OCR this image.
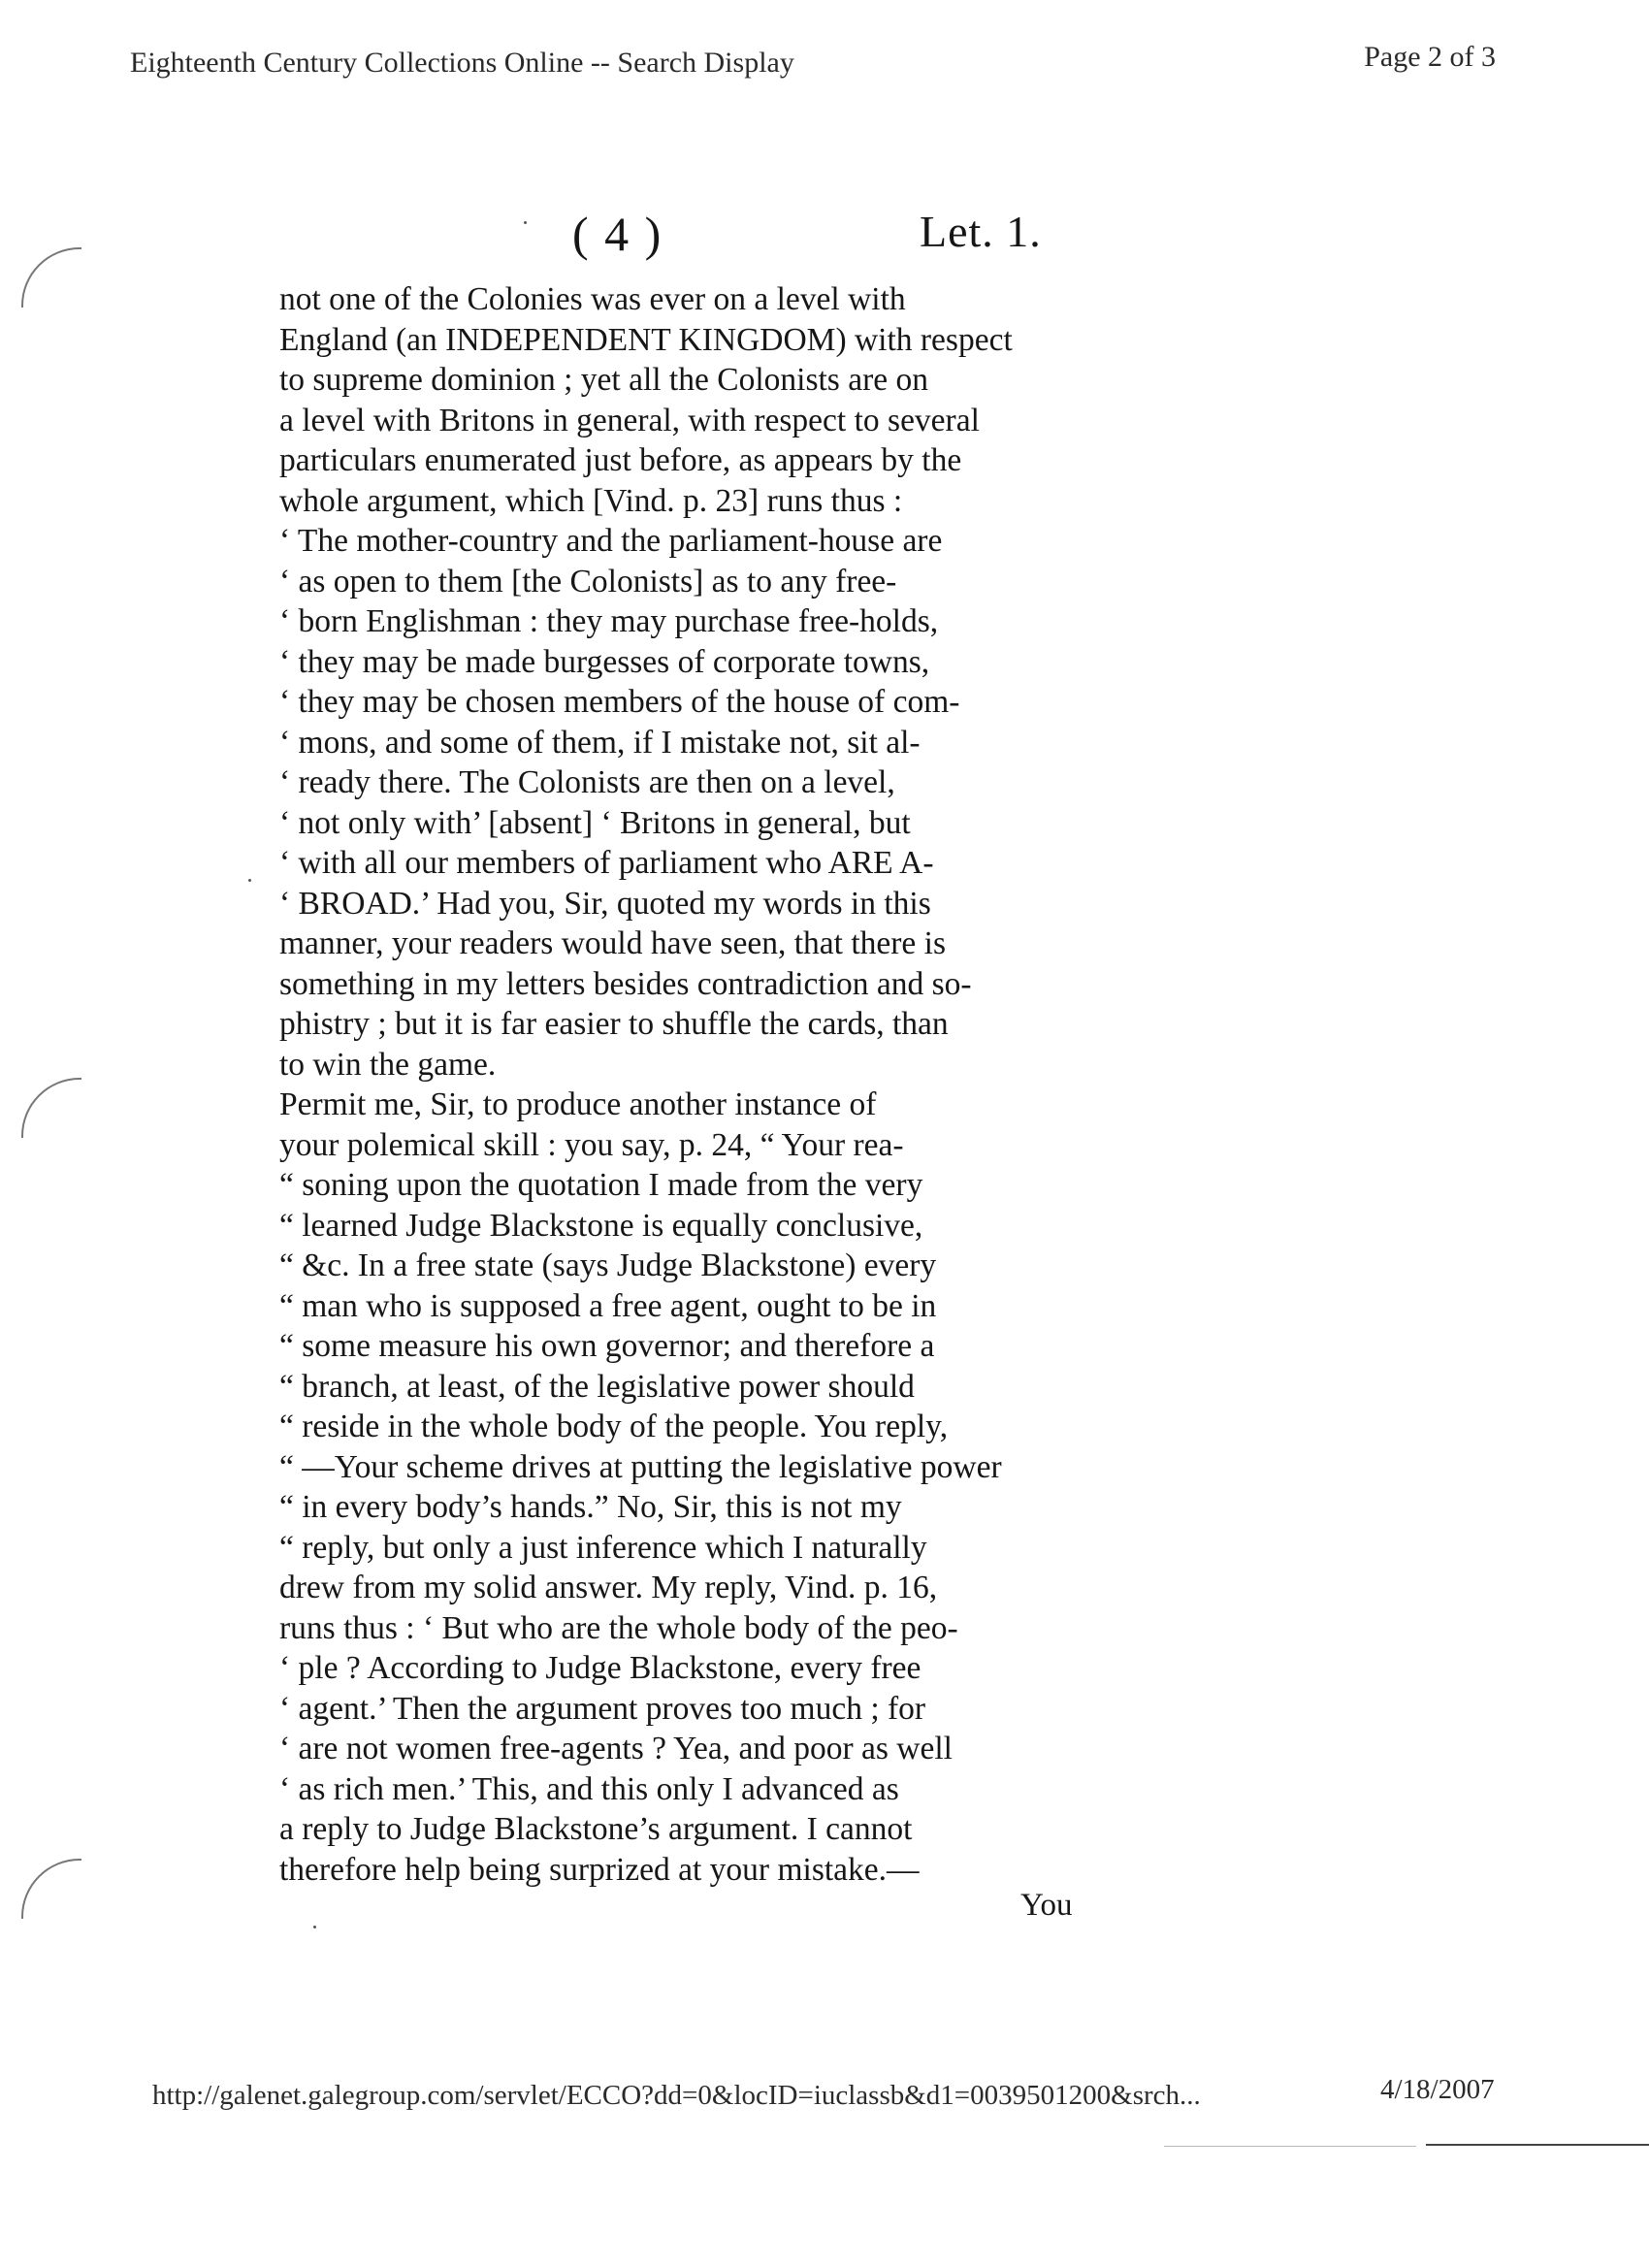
Eighteenth Century Collections Online -- Search Display	Page 2 of 3
( 4 )	Let. 1.
not one of the Colonies was ever on a level with
England (an INDEPENDENT KINGDOM) with respect
to supreme dominion ; yet all the Colonists are on
a level with Britons in general, with respect to several
particulars enumerated just before, as appears by the
whole argument, which [Vind. p. 23] runs thus :
‘ The mother-country and the parliament-house are
‘ as open to them [the Colonists] as to any free-
‘ born Englishman : they may purchase free-holds,
‘ they may be made burgesses of corporate towns,
‘ they may be chosen members of the house of com-
‘ mons, and some of them, if I mistake not, sit al-
‘ ready there. The Colonists are then on a level,
‘ not only with’ [absent] ‘ Britons in general, but
‘ with all our members of parliament who ARE A-
‘ BROAD.’ Had you, Sir, quoted my words in this
manner, your readers would have seen, that there is
something in my letters besides contradiction and so-
phistry ; but it is far easier to shuffle the cards, than
to win the game.
Permit me, Sir, to produce another instance of
your polemical skill : you say, p. 24, “ Your rea-
“ soning upon the quotation I made from the very
“ learned Judge Blackstone is equally conclusive,
“ &c. In a free state (says Judge Blackstone) every
“ man who is supposed a free agent, ought to be in
“ some measure his own governor; and therefore a
“ branch, at least, of the legislative power should
“ reside in the whole body of the people. You reply,
“ —Your scheme drives at putting the legislative power
“ in every body’s hands.” No, Sir, this is not my
“ reply, but only a just inference which I naturally
drew from my solid answer. My reply, Vind. p. 16,
runs thus : ‘ But who are the whole body of the peo-
‘ ple ? According to Judge Blackstone, every free
‘ agent.’ Then the argument proves too much ; for
‘ are not women free-agents ? Yea, and poor as well
‘ as rich men.’ This, and this only I advanced as
a reply to Judge Blackstone’s argument. I cannot
therefore help being surprized at your mistake.—
You
http://galenet.galegroup.com/servlet/ECCO?dd=0&locID=iuclassb&d1=0039501200&srch...	4/18/2007
